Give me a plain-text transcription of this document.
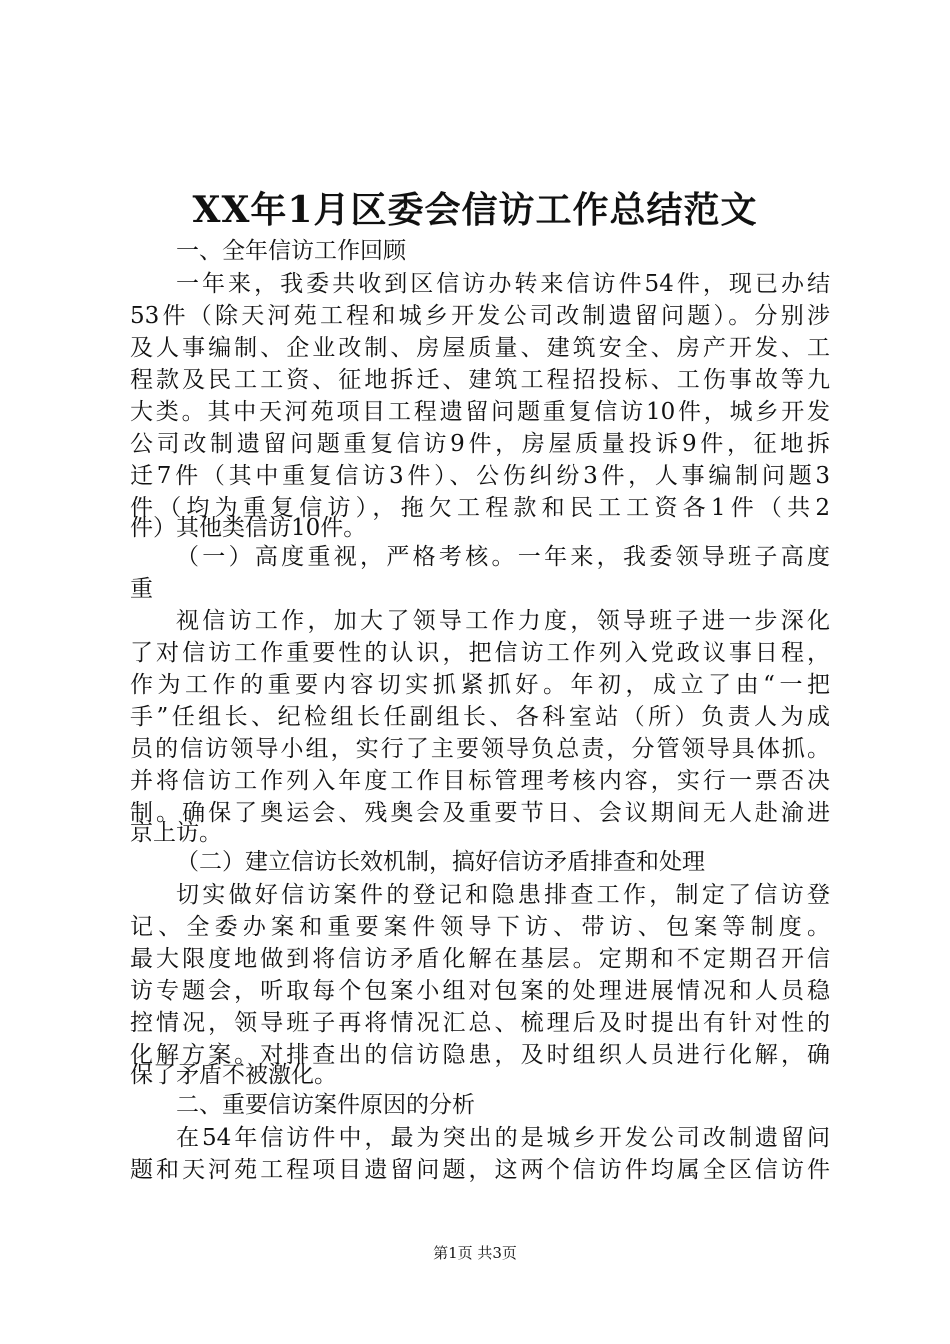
XX年1月区委会信访工作总结范文

一、全年信访工作回顾

一年来，我委共收到区信访办转来信访件54件，现已办结

53件（除天河苑工程和城乡开发公司改制遗留问题）。分别涉

及人事编制、企业改制、房屋质量、建筑安全、房产开发、工

程款及民工工资、征地拆迁、建筑工程招投标、工伤事故等九

大类。其中天河苑项目工程遗留问题重复信访10件，城乡开发

公司改制遗留问题重复信访9件，房屋质量投诉9件，征地拆

迁7件（其中重复信访3件）、公伤纠纷3件，人事编制问题3

件（均为重复信访），拖欠工程款和民工工资各1件（共2

件）其他类信访10件。

（一）高度重视，严格考核。一年来，我委领导班子高度

重

视信访工作，加大了领导工作力度，领导班子进一步深化

了对信访工作重要性的认识，把信访工作列入党政议事日程，

作为工作的重要内容切实抓紧抓好。年初，成立了由“一把

手”任组长、纪检组长任副组长、各科室站（所）负责人为成

员的信访领导小组，实行了主要领导负总责，分管领导具体抓。

并将信访工作列入年度工作目标管理考核内容，实行一票否决

制。确保了奥运会、残奥会及重要节日、会议期间无人赴渝进

京上访。

（二）建立信访长效机制，搞好信访矛盾排查和处理

切实做好信访案件的登记和隐患排查工作，制定了信访登

记、全委办案和重要案件领导下访、带访、包案等制度。

最大限度地做到将信访矛盾化解在基层。定期和不定期召开信

访专题会，听取每个包案小组对包案的处理进展情况和人员稳

控情况，领导班子再将情况汇总、梳理后及时提出有针对性的

化解方案。对排查出的信访隐患，及时组织人员进行化解，确

保了矛盾不被激化。

二、重要信访案件原因的分析

在54年信访件中，最为突出的是城乡开发公司改制遗留问

题和天河苑工程项目遗留问题，这两个信访件均属全区信访件

第1页 共3页
